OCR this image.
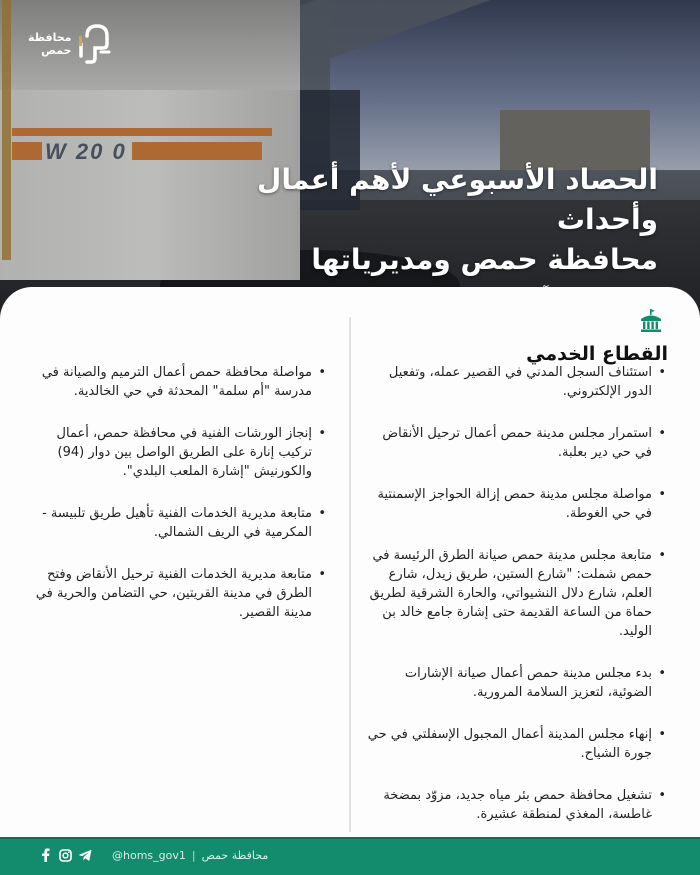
W 20 0
محافظة
حمص
الحصاد الأسبوعي لأهم أعمال وأحداث
محافظة حمص ومديرياتها
القطاع الخدمي
•
استئناف السجل المدني في القصير عمله، وتفعيل الدور الإلكتروني.
•
استمرار مجلس مدينة حمص أعمال ترحيل الأنقاض في حي دير بعلبة.
•
مواصلة مجلس مدينة حمص إزالة الحواجز الإسمنتية في حي الغوطة.
•
متابعة مجلس مدينة حمص صيانة الطرق الرئيسة في حمص شملت: "شارع الستين، طريق زيدل، شارع العلم، شارع دلال النشيواتي، والحارة الشرقية لطريق حماة من الساعة القديمة حتى إشارة جامع خالد بن الوليد.
•
بدء مجلس مدينة حمص أعمال صيانة الإشارات الضوئية، لتعزيز السلامة المرورية.
•
إنهاء مجلس المدينة أعمال المجبول الإسفلتي في حي جورة الشياح.
•
تشغيل محافظة حمص بئر مياه جديد، مزوّد بمضخة غاطسة، المغذي لمنطقة عشيرة.
•
مواصلة محافظة حمص أعمال الترميم والصيانة في مدرسة "أم سلمة" المحدثة في حي الخالدية.
•
إنجاز الورشات الفنية في محافظة حمص، أعمال تركيب إنارة على الطريق الواصل بين دوار (94) والكورنيش "إشارة الملعب البلدي".
•
متابعة مديرية الخدمات الفنية تأهيل طريق تلبيسة - المكرمية في الريف الشمالي.
•
متابعة مديرية الخدمات الفنية ترحيل الأنقاض وفتح الطرق في مدينة القريتين، حي التضامن والحرية في مدينة القصير.
@homs_gov1 | محافظة حمص
